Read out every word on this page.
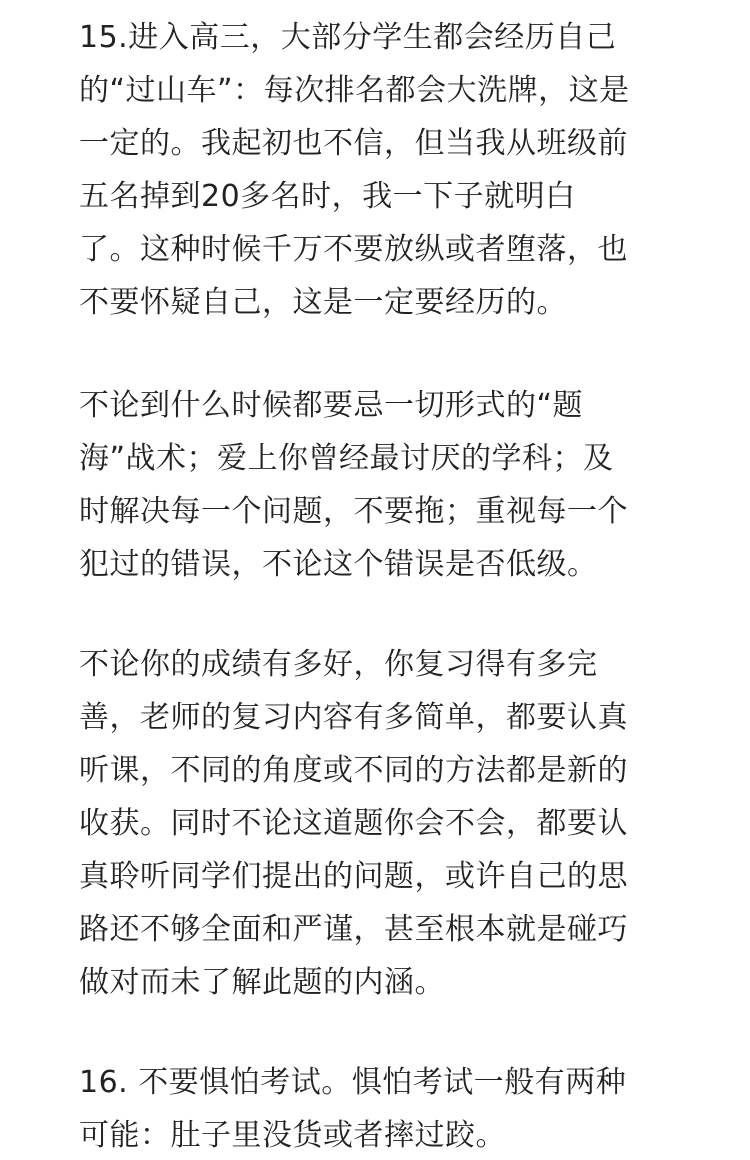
15.进入高三，大部分学生都会经历自己
的“过山车”：每次排名都会大洗牌，这是
一定的。我起初也不信，但当我从班级前
五名掉到20多名时，我一下子就明白
了。这种时候千万不要放纵或者堕落，也
不要怀疑自己，这是一定要经历的。
不论到什么时候都要忌一切形式的“题
海”战术；爱上你曾经最讨厌的学科；及
时解决每一个问题，不要拖；重视每一个
犯过的错误，不论这个错误是否低级。
不论你的成绩有多好，你复习得有多完
善，老师的复习内容有多简单，都要认真
听课，不同的角度或不同的方法都是新的
收获。同时不论这道题你会不会，都要认
真聆听同学们提出的问题，或许自己的思
路还不够全面和严谨，甚至根本就是碰巧
做对而未了解此题的内涵。
16. 不要惧怕考试。惧怕考试一般有两种
可能：肚子里没货或者摔过跤。
